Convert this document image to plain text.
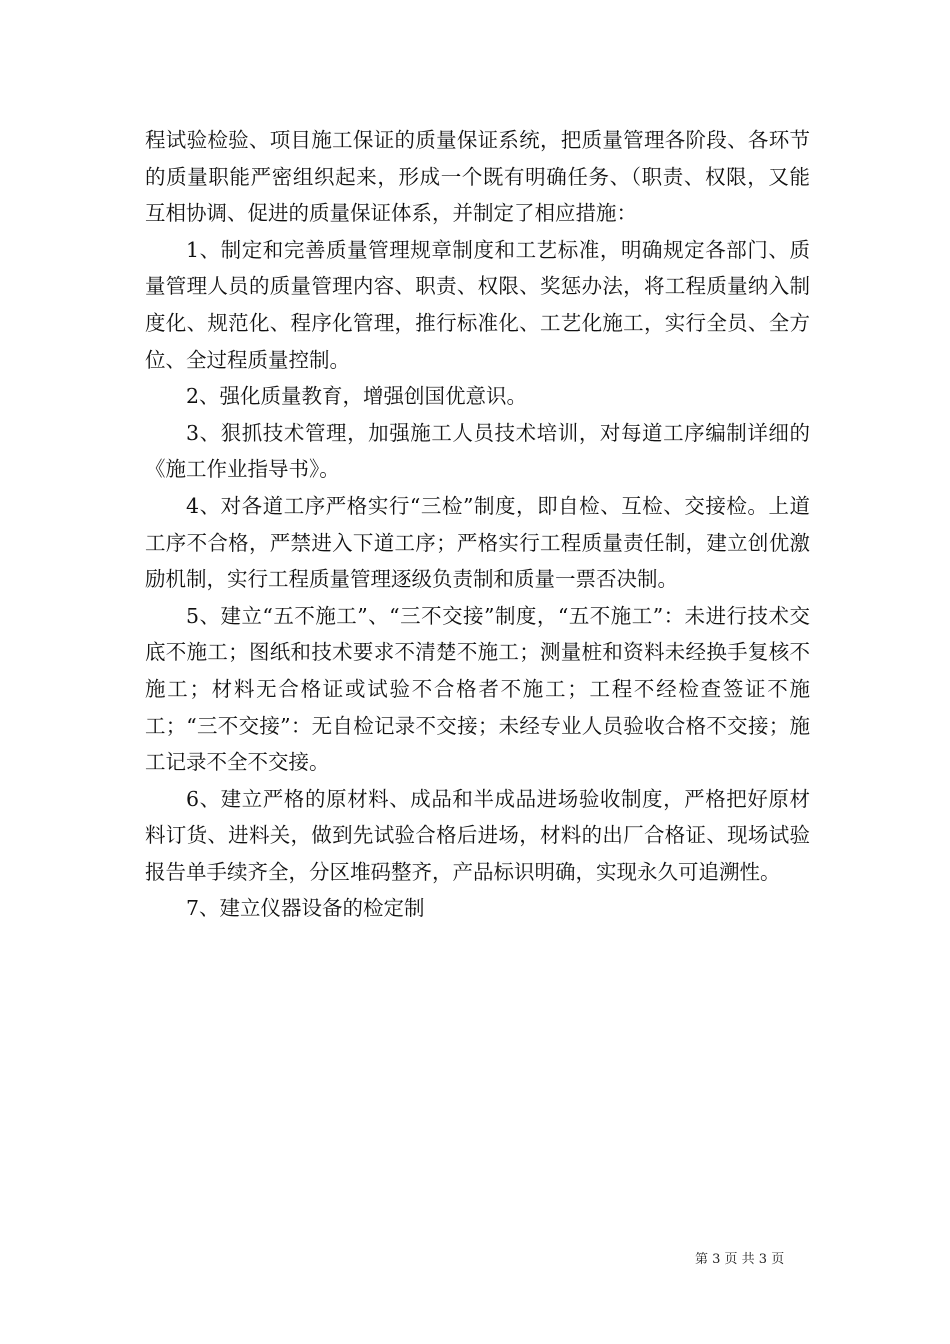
程试验检验、项目施工保证的质量保证系统，把质量管理各阶段、各环节的质量职能严密组织起来，形成一个既有明确任务、（职责、权限，又能互相协调、促进的质量保证体系，并制定了相应措施：

1、制定和完善质量管理规章制度和工艺标准，明确规定各部门、质量管理人员的质量管理内容、职责、权限、奖惩办法，将工程质量纳入制度化、规范化、程序化管理，推行标准化、工艺化施工，实行全员、全方位、全过程质量控制。

2、强化质量教育，增强创国优意识。

3、狠抓技术管理，加强施工人员技术培训，对每道工序编制详细的《施工作业指导书》。

4、对各道工序严格实行“三检”制度，即自检、互检、交接检。上道工序不合格，严禁进入下道工序；严格实行工程质量责任制，建立创优激励机制，实行工程质量管理逐级负责制和质量一票否决制。

5、建立“五不施工”、“三不交接”制度，“五不施工”：未进行技术交底不施工；图纸和技术要求不清楚不施工；测量桩和资料未经换手复核不施工；材料无合格证或试验不合格者不施工；工程不经检查签证不施工；“三不交接”：无自检记录不交接；未经专业人员验收合格不交接；施工记录不全不交接。

6、建立严格的原材料、成品和半成品进场验收制度，严格把好原材料订货、进料关，做到先试验合格后进场，材料的出厂合格证、现场试验报告单手续齐全，分区堆码整齐，产品标识明确，实现永久可追溯性。

7、建立仪器设备的检定制

第 3 页 共 3 页
